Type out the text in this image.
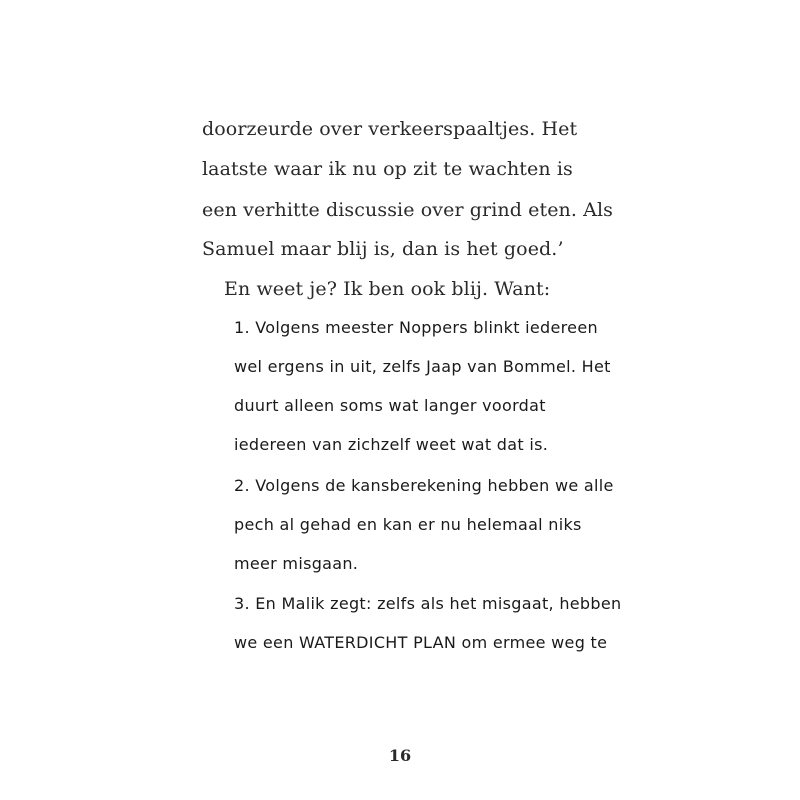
doorzeurde over verkeerspaaltjes. Het
laatste waar ik nu op zit te wachten is
een verhitte discussie over grind eten. Als
Samuel maar blij is, dan is het goed.’
En weet je? Ik ben ook blij. Want:
1. Volgens meester Noppers blinkt iedereen
wel ergens in uit, zelfs Jaap van Bommel. Het
duurt alleen soms wat langer voordat
iedereen van zichzelf weet wat dat is.
2. Volgens de kansberekening hebben we alle
pech al gehad en kan er nu helemaal niks
meer misgaan.
3. En Malik zegt: zelfs als het misgaat, hebben
we een WATERDICHT PLAN om ermee weg te
16
